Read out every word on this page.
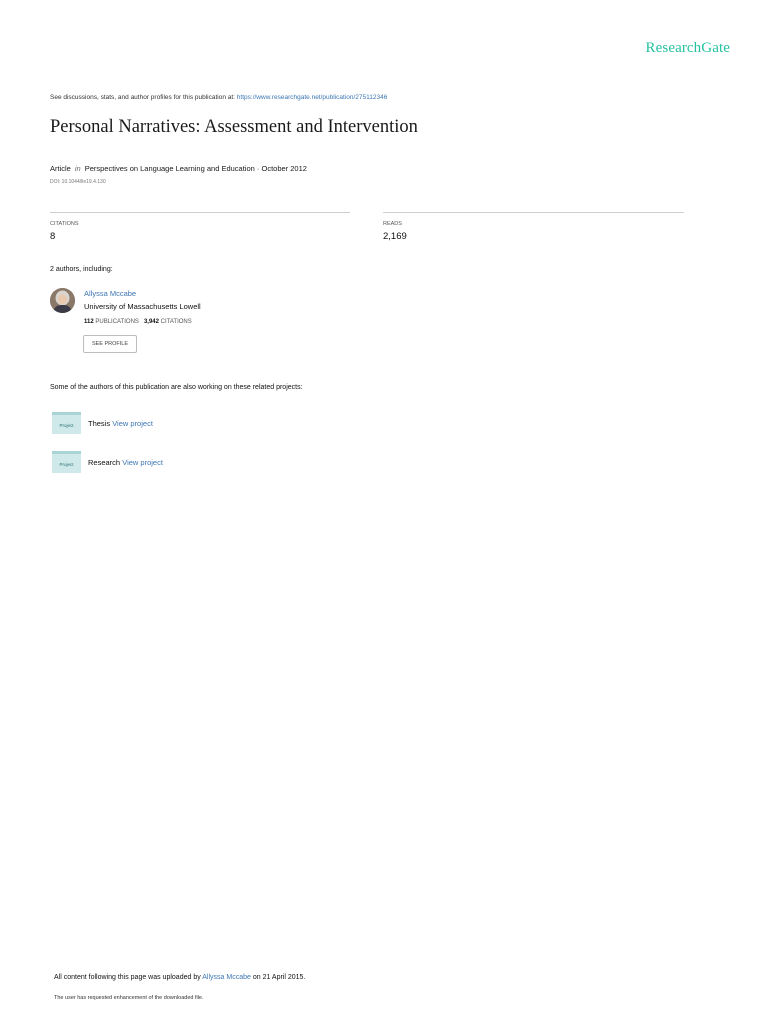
ResearchGate
See discussions, stats, and author profiles for this publication at: https://www.researchgate.net/publication/275112346
Personal Narratives: Assessment and Intervention
Article in Perspectives on Language Learning and Education · October 2012
DOI: 10.1044/lle19.4.130
CITATIONS
8
READS
2,169
2 authors, including:
Allyssa Mccabe
University of Massachusetts Lowell
112 PUBLICATIONS 3,942 CITATIONS
SEE PROFILE
Some of the authors of this publication are also working on these related projects:
Project	Thesis View project
Project	Research View project
All content following this page was uploaded by Allyssa Mccabe on 21 April 2015.
The user has requested enhancement of the downloaded file.
